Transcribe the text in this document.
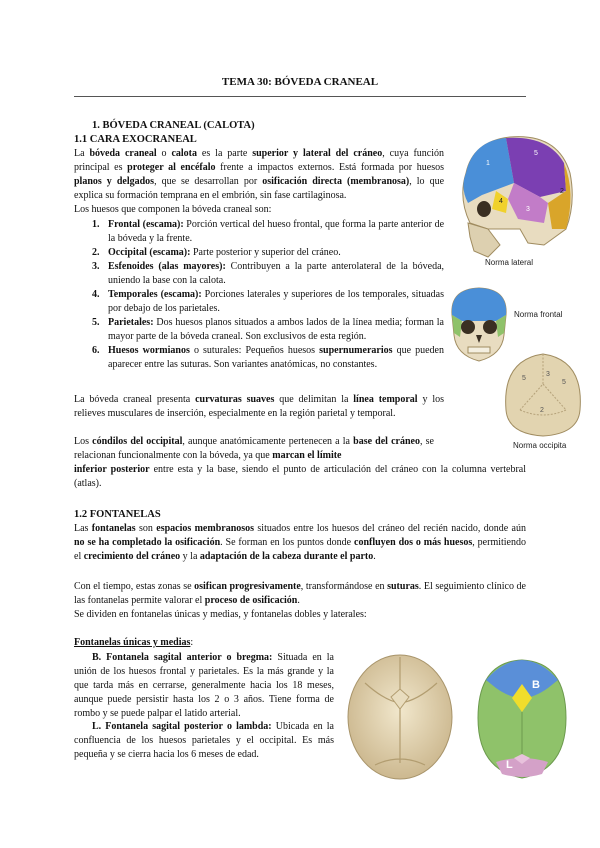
TEMA 30: BÓVEDA CRANEAL
1. BÓVEDA CRANEAL (CALOTA)
1.1 CARA EXOCRANEAL
La bóveda craneal o calota es la parte superior y lateral del cráneo, cuya función principal es proteger al encéfalo frente a impactos externos. Está formada por huesos planos y delgados, que se desarrollan por osificación directa (membranosa), lo que explica su formación temprana en el embrión, sin fase cartilaginosa.
Los huesos que componen la bóveda craneal son:
1. Frontal (escama): Porción vertical del hueso frontal, que forma la parte anterior de la bóveda y la frente.
2. Occipital (escama): Parte posterior y superior del cráneo.
3. Esfenoides (alas mayores): Contribuyen a la parte anterolateral de la bóveda, uniendo la base con la calota.
4. Temporales (escama): Porciones laterales y superiores de los temporales, situadas por debajo de los parietales.
5. Parietales: Dos huesos planos situados a ambos lados de la línea media; forman la mayor parte de la bóveda craneal. Son exclusivos de esta región.
6. Huesos wormianos o suturales: Pequeños huesos supernumerarios que pueden aparecer entre las suturas. Son variantes anatómicas, no constantes.
La bóveda craneal presenta curvaturas suaves que delimitan la línea temporal y los relieves musculares de inserción, especialmente en la región parietal y temporal.
Los cóndilos del occipital, aunque anatómicamente pertenecen a la base del cráneo, se relacionan funcionalmente con la bóveda, ya que marcan el límite
inferior posterior entre esta y la base, siendo el punto de articulación del cráneo con la columna vertebral (atlas).
1.2 FONTANELAS
Las fontanelas son espacios membranosos situados entre los huesos del cráneo del recién nacido, donde aún no se ha completado la osificación. Se forman en los puntos donde confluyen dos o más huesos, permitiendo el crecimiento del cráneo y la adaptación de la cabeza durante el parto.
Con el tiempo, estas zonas se osifican progresivamente, transformándose en suturas. El seguimiento clínico de las fontanelas permite valorar el proceso de osificación.
Se dividen en fontanelas únicas y medias, y fontanelas dobles y laterales:
Fontanelas únicas y medias:
B. Fontanela sagital anterior o bregma: Situada en la unión de los huesos frontal y parietales. Es la más grande y la que tarda más en cerrarse, generalmente hacia los 18 meses, aunque puede persistir hasta los 2 o 3 años. Tiene forma de rombo y se puede palpar el latido arterial.
L. Fontanela sagital posterior o lambda: Ubicada en la confluencia de los huesos parietales y el occipital. Es más pequeña y se cierra hacia los 6 meses de edad.
1
5
4
2
3
Norma lateral
Norma frontal
5
3
5
2
Norma occipita
B
L
